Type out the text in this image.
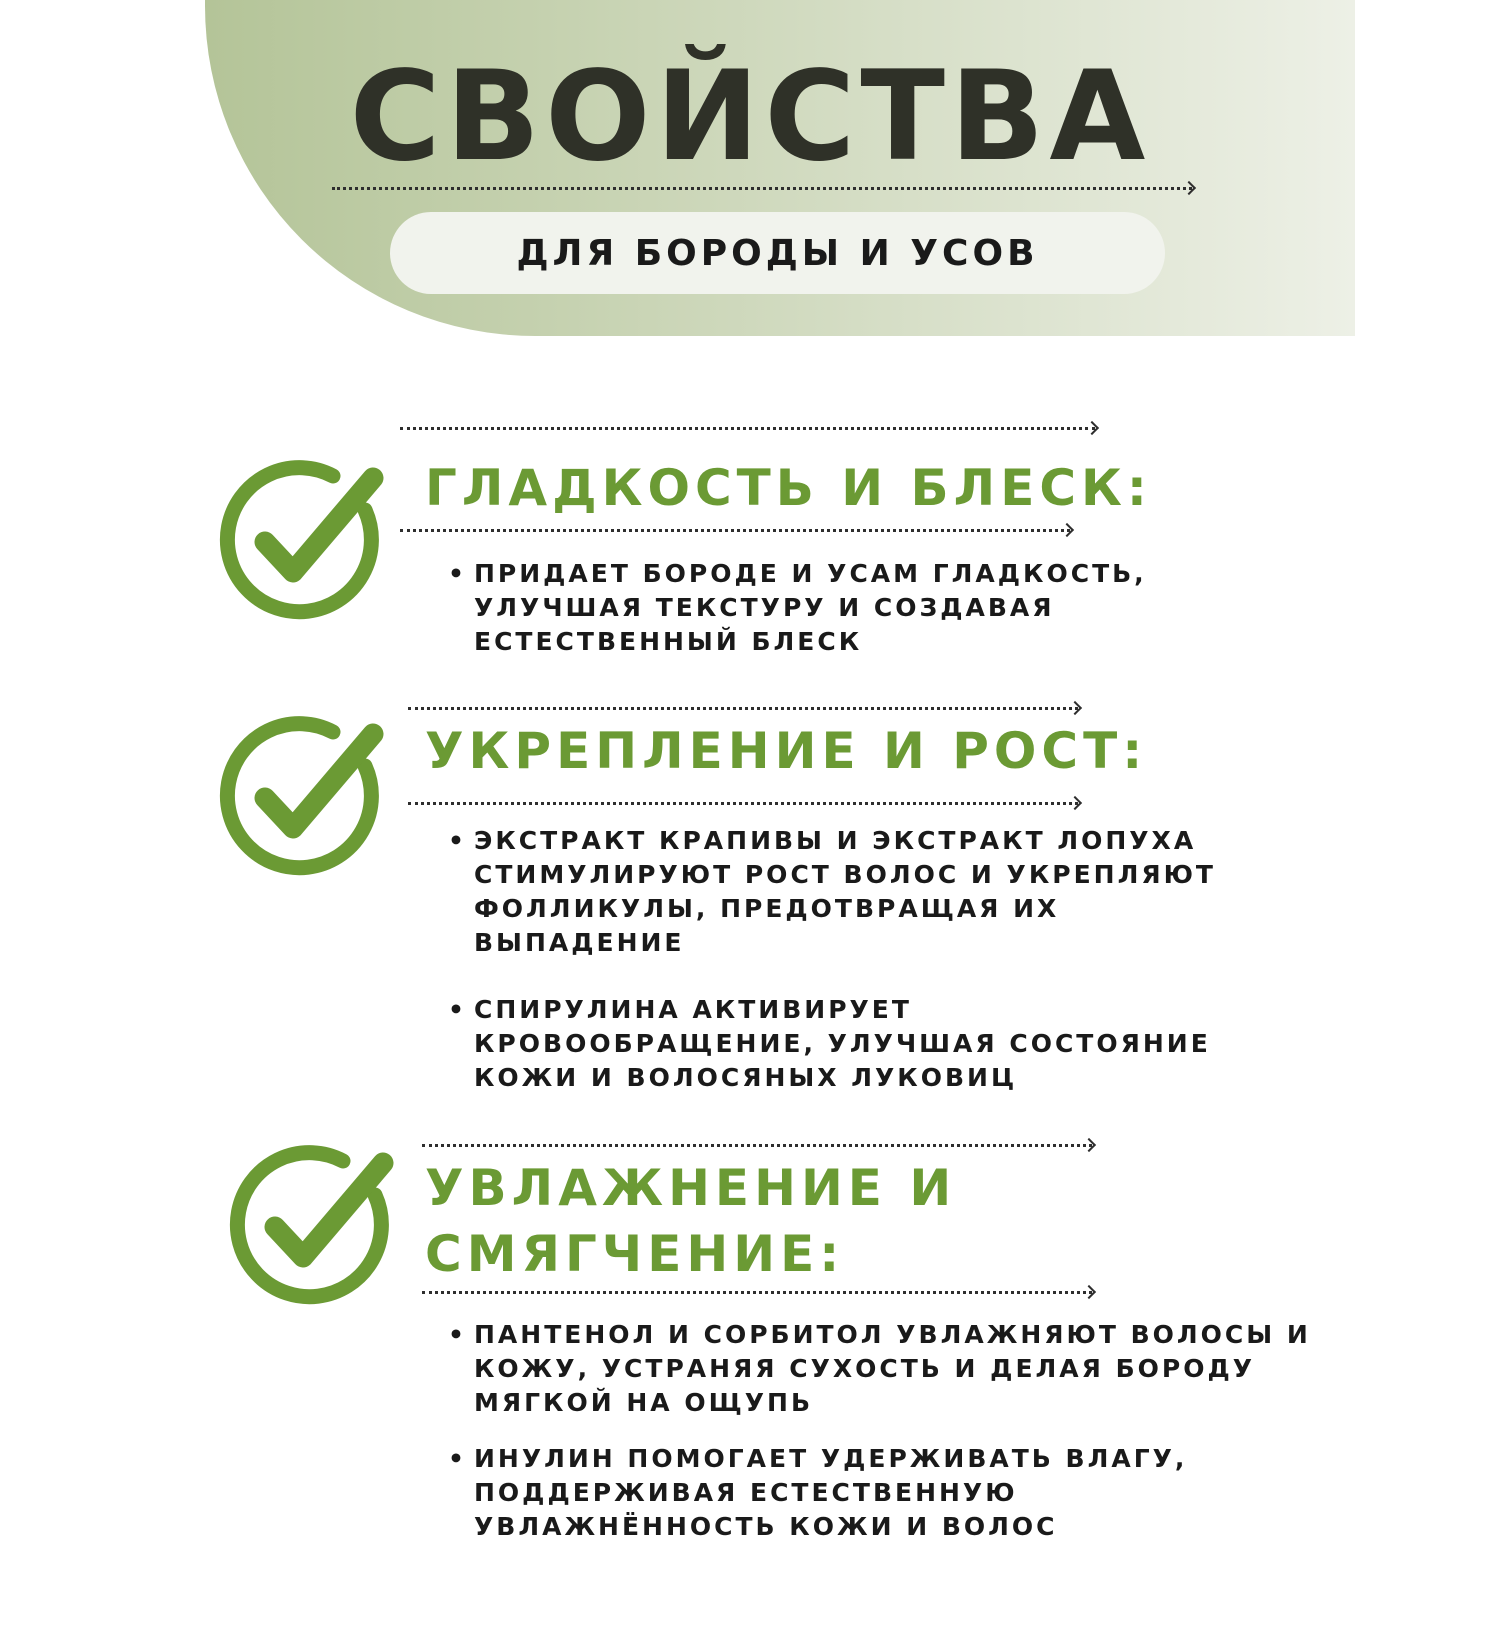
СВОЙСТВА
ДЛЯ БОРОДЫ И УСОВ
ГЛАДКОСТЬ И БЛЕСК:
• ПРИДАЕТ БОРОДЕ И УСАМ ГЛАДКОСТЬ,
УЛУЧШАЯ ТЕКСТУРУ И СОЗДАВАЯ
ЕСТЕСТВЕННЫЙ БЛЕСК
УКРЕПЛЕНИЕ И РОСТ:
• ЭКСТРАКТ КРАПИВЫ И ЭКСТРАКТ ЛОПУХА
СТИМУЛИРУЮТ РОСТ ВОЛОС И УКРЕПЛЯЮТ
ФОЛЛИКУЛЫ, ПРЕДОТВРАЩАЯ ИХ
ВЫПАДЕНИЕ
• СПИРУЛИНА АКТИВИРУЕТ
КРОВООБРАЩЕНИЕ, УЛУЧШАЯ СОСТОЯНИЕ
КОЖИ И ВОЛОСЯНЫХ ЛУКОВИЦ
УВЛАЖНЕНИЕ И
СМЯГЧЕНИЕ:
• ПАНТЕНОЛ И СОРБИТОЛ УВЛАЖНЯЮТ ВОЛОСЫ И
КОЖУ, УСТРАНЯЯ СУХОСТЬ И ДЕЛАЯ БОРОДУ
МЯГКОЙ НА ОЩУПЬ
• ИНУЛИН ПОМОГАЕТ УДЕРЖИВАТЬ ВЛАГУ,
ПОДДЕРЖИВАЯ ЕСТЕСТВЕННУЮ
УВЛАЖНЁННОСТЬ КОЖИ И ВОЛОС
